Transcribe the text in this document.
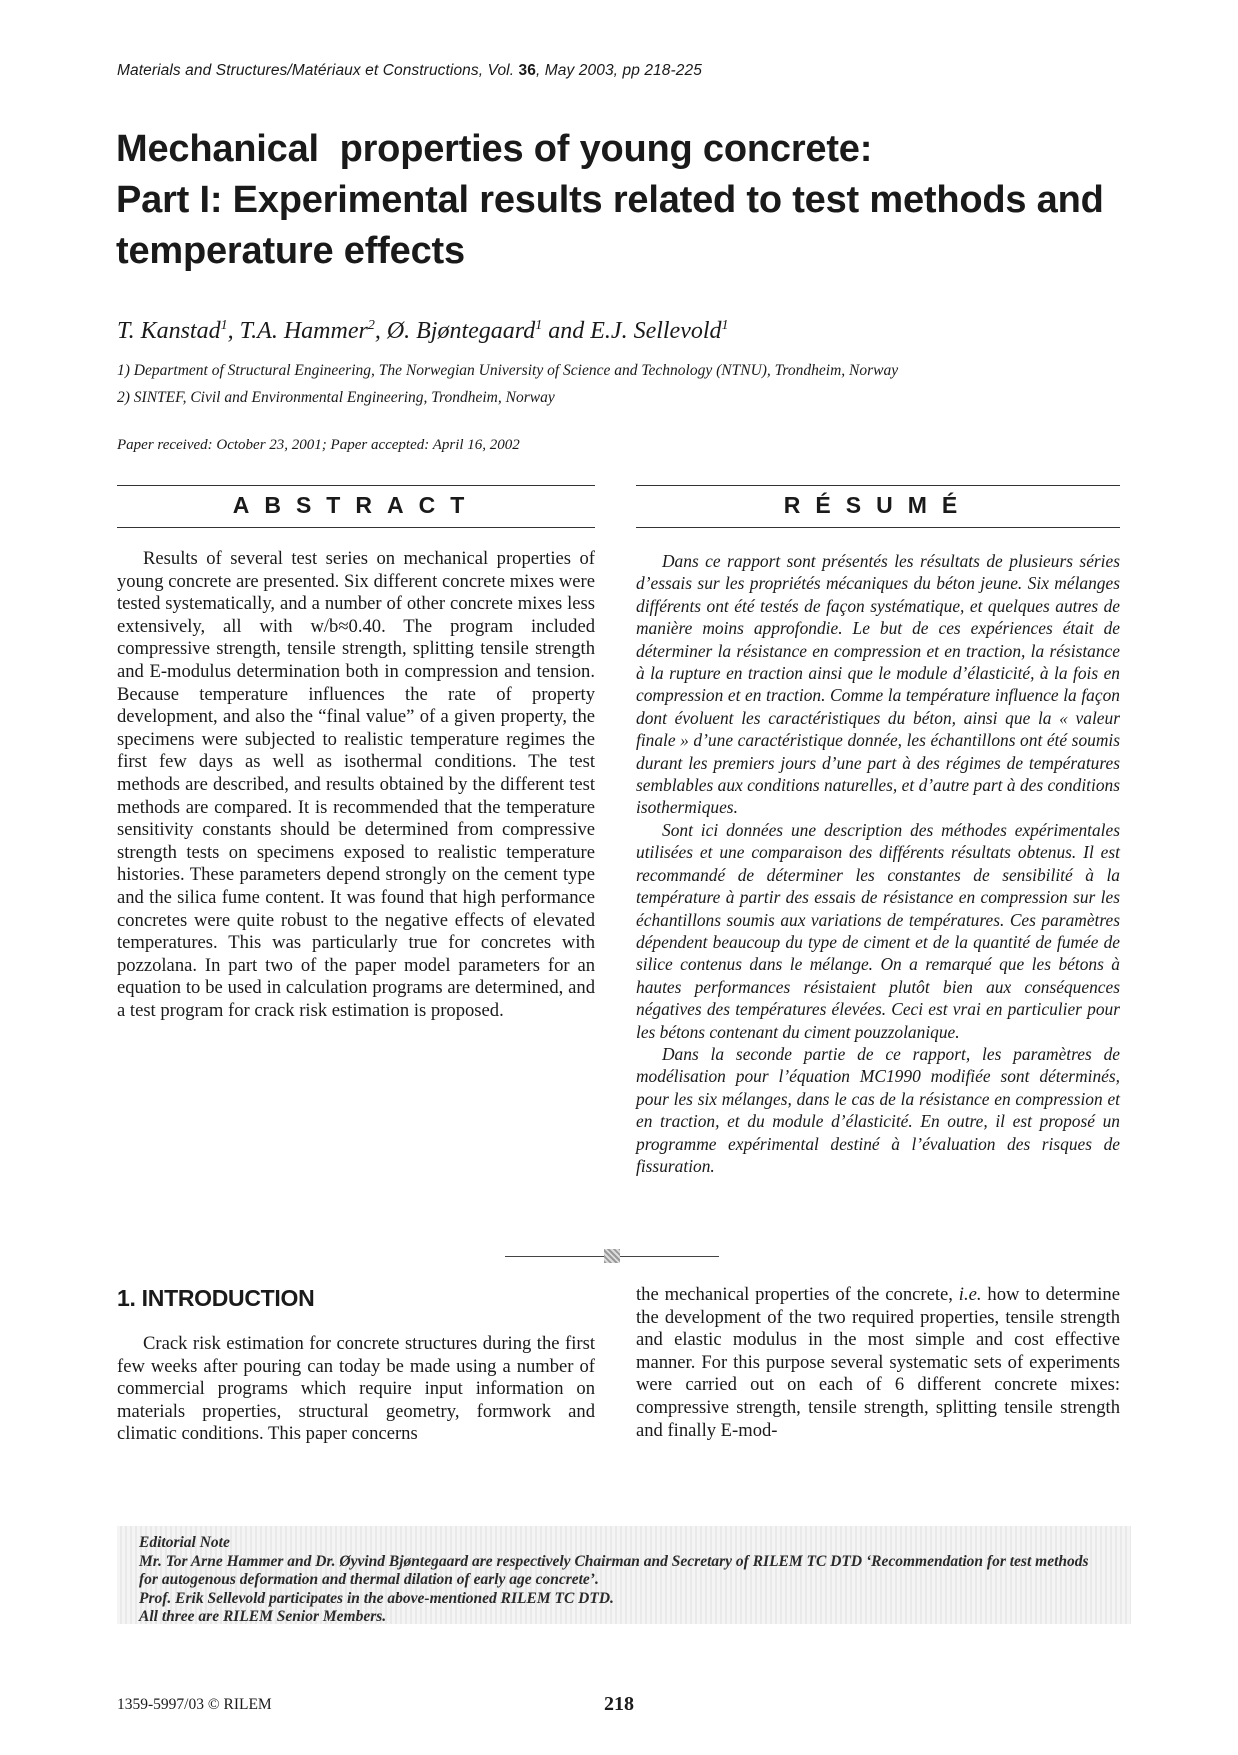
Materials and Structures/Matériaux et Constructions, Vol. 36, May 2003, pp 218-225
Mechanical  properties of young concrete:
Part I: Experimental results related to test methods and
temperature effects
T. Kanstad$^1$, T.A. Hammer$^2$, Ø. Bjøntegaard$^1$ and E.J. Sellevold$^1$
1) Department of Structural Engineering, The Norwegian University of Science and Technology (NTNU), Trondheim, Norway
2) SINTEF, Civil and Environmental Engineering, Trondheim, Norway
Paper received: October 23, 2001; Paper accepted: April 16, 2002
ABSTRACT	RÉSUMÉ

Results of several test series on mechanical properties of young concrete are presented. Six different concrete mixes were tested systematically, and a number of other concrete mixes less extensively, all with w/b≈0.40. The program included compressive strength, tensile strength, splitting tensile strength and E-modulus determination both in compression and tension. Because temperature influences the rate of property development, and also the “final value” of a given property, the specimens were subjected to realistic temperature regimes the first few days as well as isothermal conditions. The test methods are described, and results obtained by the different test methods are compared. It is recommended that the temperature sensitivity constants should be determined from compressive strength tests on specimens exposed to realistic temperature histories. These parameters depend strongly on the cement type and the silica fume content. It was found that high performance concretes were quite robust to the negative effects of elevated temperatures. This was particularly true for concretes with pozzolana. In part two of the paper model parameters for an equation to be used in calculation programs are determined, and a test program for crack risk estimation is proposed.

Dans ce rapport sont présentés les résultats de plusieurs séries d’essais sur les propriétés mécaniques du béton jeune. Six mélanges différents ont été testés de façon systématique, et quelques autres de manière moins approfondie. Le but de ces expériences était de déterminer la résistance en compression et en traction, la résistance à la rupture en traction ainsi que le module d’élasticité, à la fois en compression et en traction. Comme la température influence la façon dont évoluent les caractéristiques du béton, ainsi que la « valeur finale » d’une caractéristique donnée, les échantillons ont été soumis durant les premiers jours d’une part à des régimes de températures semblables aux conditions naturelles, et d’autre part à des conditions isothermiques.

Sont ici données une description des méthodes expérimentales utilisées et une comparaison des différents résultats obtenus. Il est recommandé de déterminer les constantes de sensibilité à la température à partir des essais de résistance en compression sur les échantillons soumis aux variations de températures. Ces paramètres dépendent beaucoup du type de ciment et de la quantité de fumée de silice contenus dans le mélange. On a remarqué que les bétons à hautes performances résistaient plutôt bien aux conséquences négatives des températures élevées. Ceci est vrai en particulier pour les bétons contenant du ciment pouzzolanique.

Dans la seconde partie de ce rapport, les paramètres de modélisation pour l’équation MC1990 modifiée sont déterminés, pour les six mélanges, dans le cas de la résistance en compression et en traction, et du module d’élasticité. En outre, il est proposé un programme expérimental destiné à l’évaluation des risques de fissuration.

1. INTRODUCTION

Crack risk estimation for concrete structures during the first few weeks after pouring can today be made using a number of commercial programs which require input information on materials properties, structural geometry, formwork and climatic conditions. This paper concerns

the mechanical properties of the concrete, i.e. how to determine the development of the two required properties, tensile strength and elastic modulus in the most simple and cost effective manner. For this purpose several systematic sets of experiments were carried out on each of 6 different concrete mixes: compressive strength, tensile strength, splitting tensile strength and finally E-mod-

Editorial Note
Mr. Tor Arne Hammer and Dr. Øyvind Bjøntegaard are respectively Chairman and Secretary of RILEM TC DTD ‘Recommendation for test methods
for autogenous deformation and thermal dilation of early age concrete’.
Prof. Erik Sellevold participates in the above-mentioned RILEM TC DTD.
All three are RILEM Senior Members.
1359-5997/03 © RILEM	218
